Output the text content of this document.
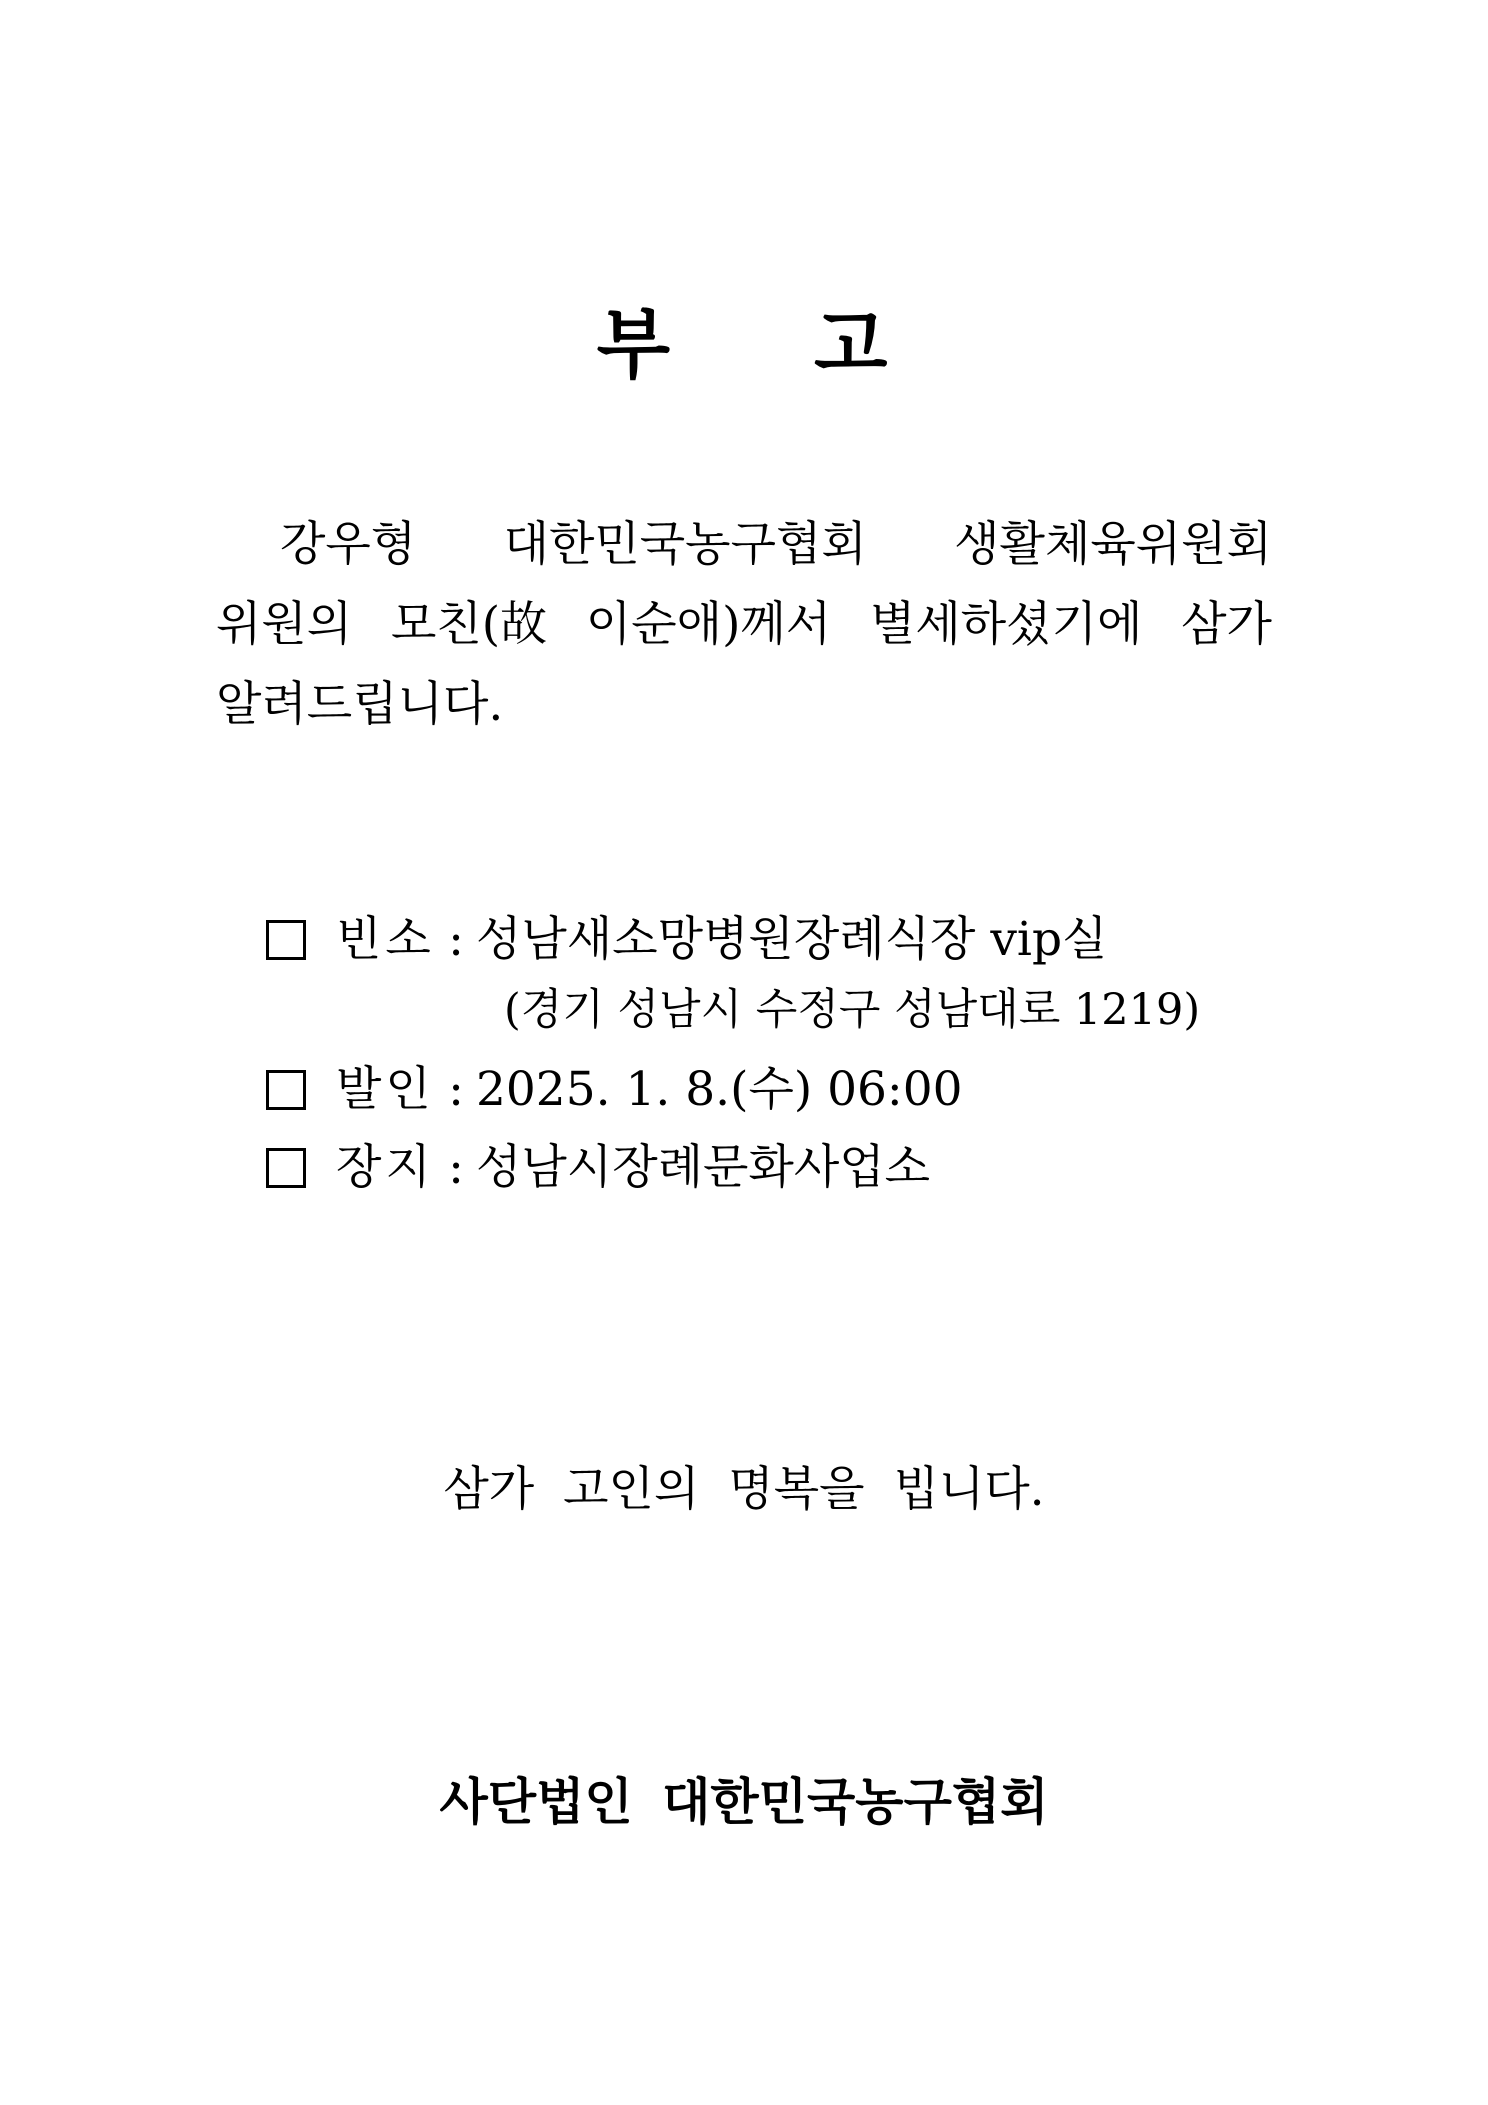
부 고
강우형 대한민국농구협회 생활체육위원회
위원의 모친(故 이순애)께서 별세하셨기에 삼가
알려드립니다.
빈소 : 성남새소망병원장례식장 vip실
(경기 성남시 수정구 성남대로 1219)
발인 : 2025. 1. 8.(수) 06:00
장지 : 성남시장례문화사업소
삼가 고인의 명복을 빕니다.
사단법인 대한민국농구협회
